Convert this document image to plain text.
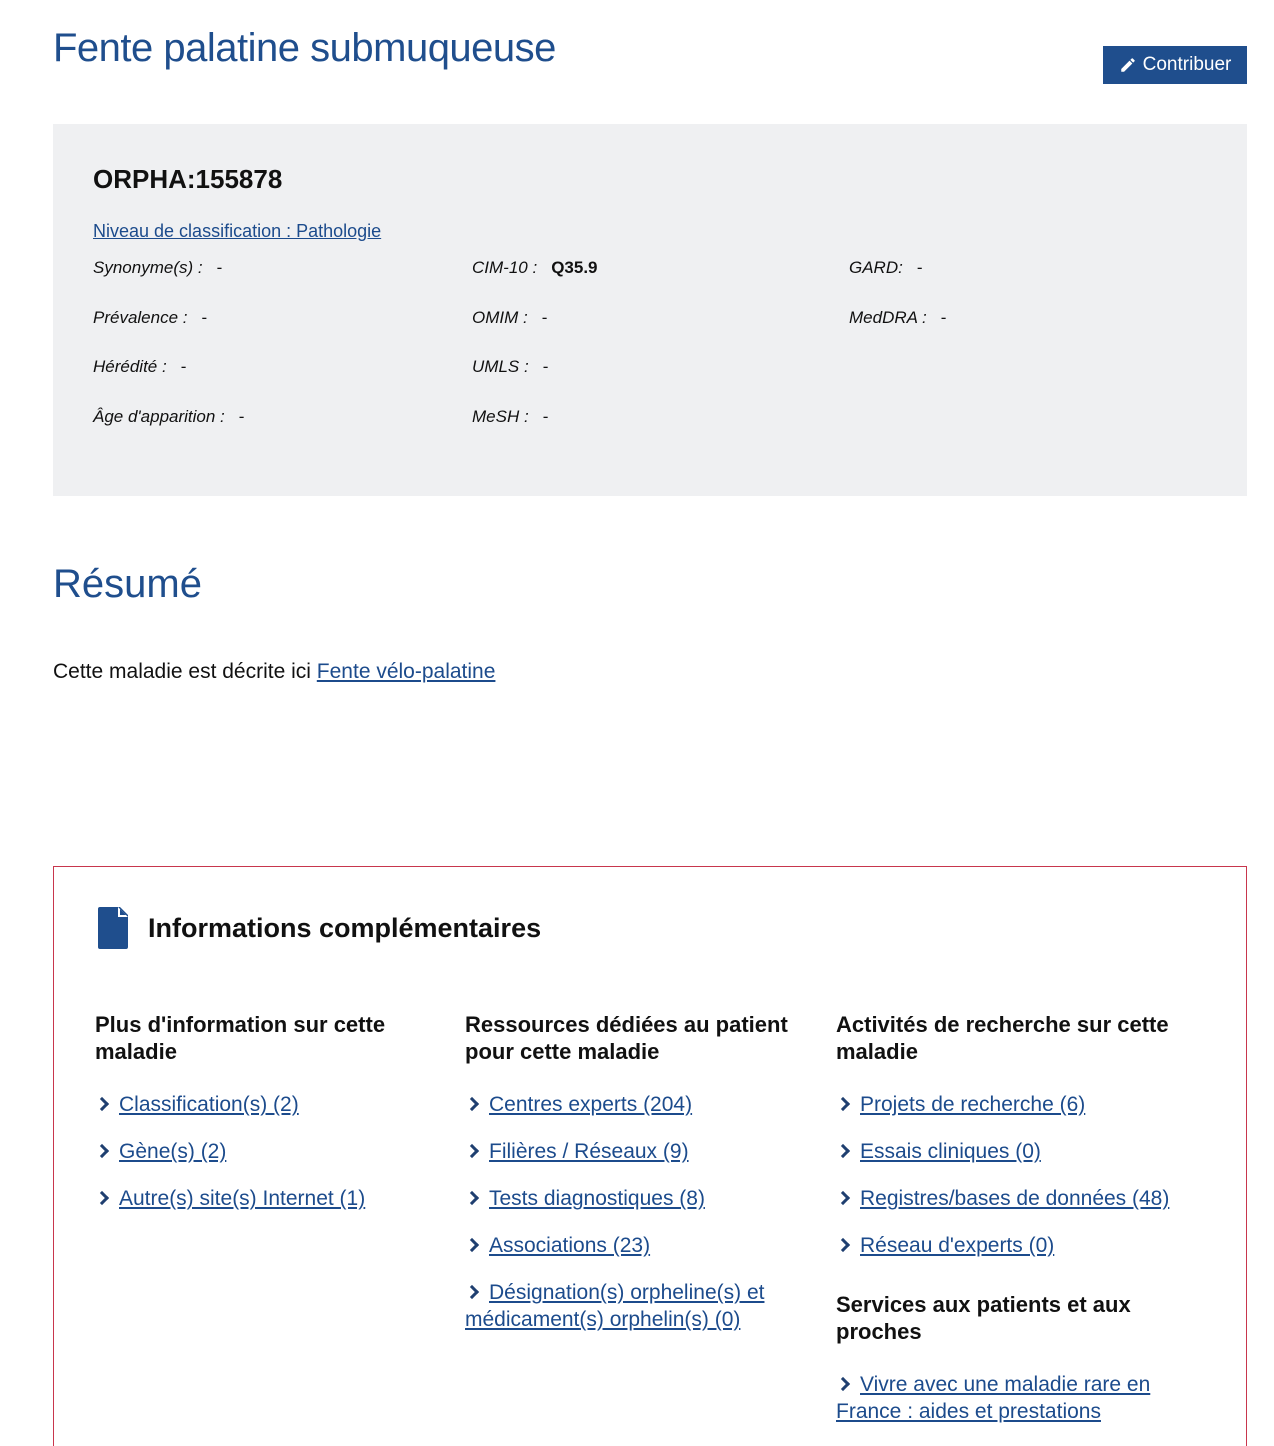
Fente palatine submuqueuse	Contribuer
ORPHA:155878
Niveau de classification : Pathologie
Synonyme(s) : -
Prévalence : -
Hérédité : -
Âge d'apparition : -
CIM-10 : Q35.9
OMIM : -
UMLS : -
MeSH : -
GARD: -
MedDRA : -
Résumé

Cette maladie est décrite ici Fente vélo-palatine

Informations complémentaires
Plus d'information sur cette maladie
Classification(s) (2)
Gène(s) (2)
Autre(s) site(s) Internet (1)
Ressources dédiées au patient pour cette maladie
Centres experts (204)
Filières / Réseaux (9)
Tests diagnostiques (8)
Associations (23)
Désignation(s) orpheline(s) et médicament(s) orphelin(s) (0)
Activités de recherche sur cette maladie
Projets de recherche (6)
Essais cliniques (0)
Registres/bases de données (48)
Réseau d'experts (0)
Services aux patients et aux proches
Vivre avec une maladie rare en France : aides et prestations
